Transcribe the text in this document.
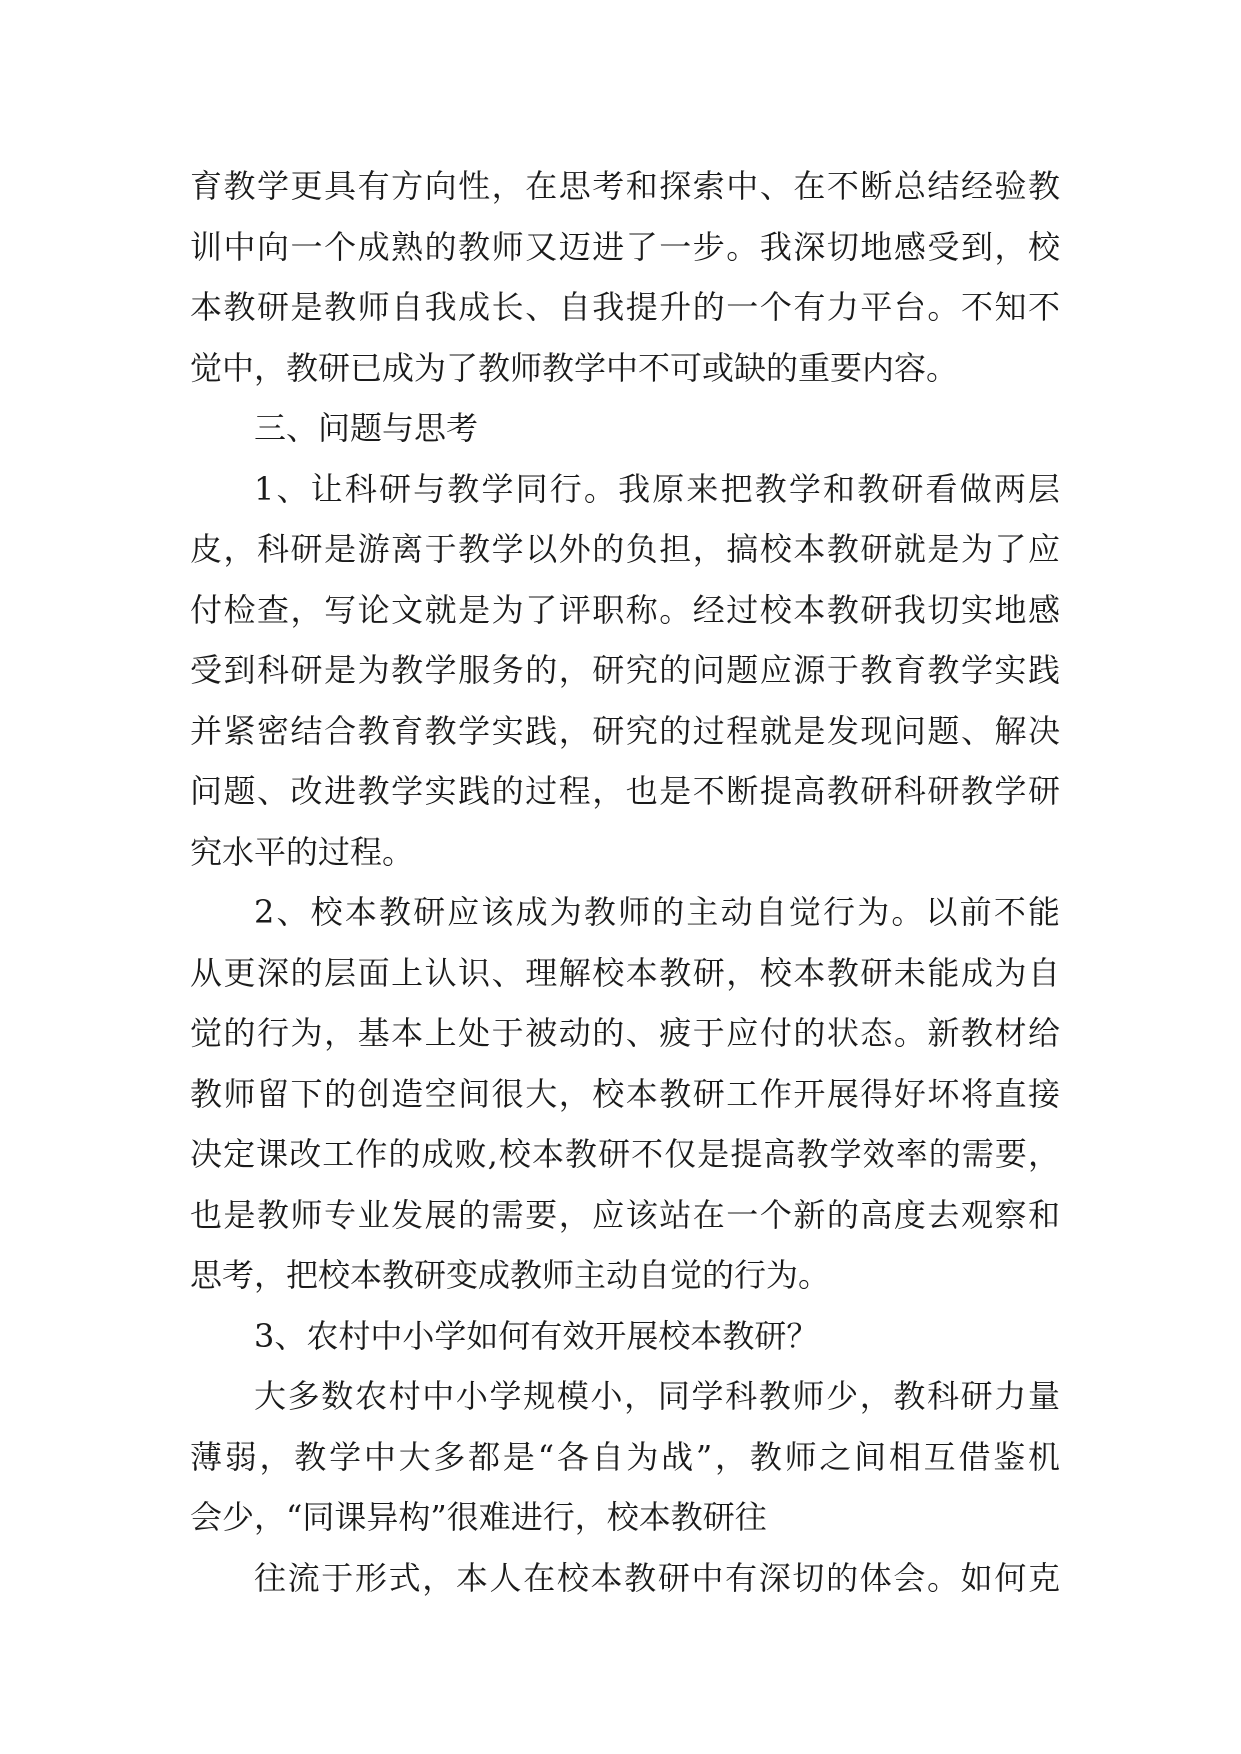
育教学更具有方向性，在思考和探索中、在不断总结经验教
训中向一个成熟的教师又迈进了一步。我深切地感受到，校
本教研是教师自我成长、自我提升的一个有力平台。不知不
觉中，教研已成为了教师教学中不可或缺的重要内容。
三、问题与思考
1、让科研与教学同行。我原来把教学和教研看做两层
皮，科研是游离于教学以外的负担，搞校本教研就是为了应
付检查，写论文就是为了评职称。经过校本教研我切实地感
受到科研是为教学服务的，研究的问题应源于教育教学实践
并紧密结合教育教学实践，研究的过程就是发现问题、解决
问题、改进教学实践的过程，也是不断提高教研科研教学研
究水平的过程。
2、校本教研应该成为教师的主动自觉行为。以前不能
从更深的层面上认识、理解校本教研，校本教研未能成为自
觉的行为，基本上处于被动的、疲于应付的状态。新教材给
教师留下的创造空间很大，校本教研工作开展得好坏将直接
决定课改工作的成败,校本教研不仅是提高教学效率的需要，
也是教师专业发展的需要，应该站在一个新的高度去观察和
思考，把校本教研变成教师主动自觉的行为。
3、农村中小学如何有效开展校本教研？
大多数农村中小学规模小，同学科教师少，教科研力量
薄弱，教学中大多都是“各自为战”，教师之间相互借鉴机
会少，“同课异构”很难进行，校本教研往
往流于形式，本人在校本教研中有深切的体会。如何克
